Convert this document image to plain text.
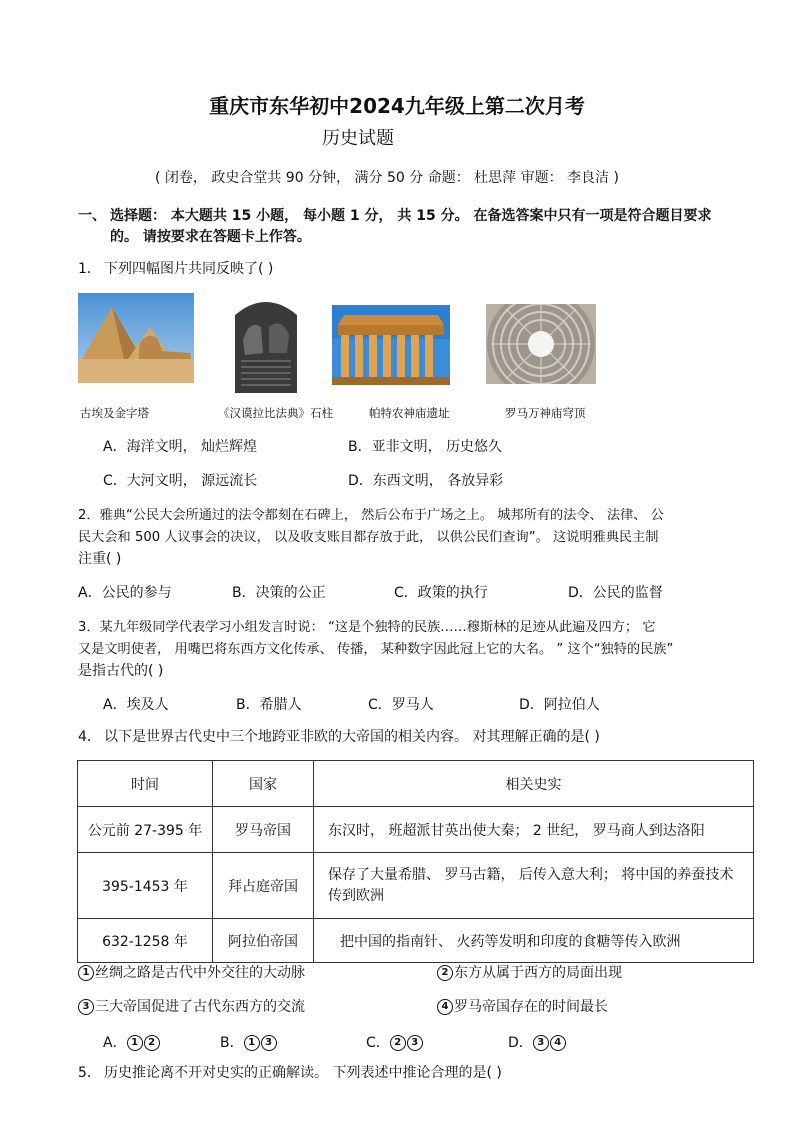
重庆市东华初中2024九年级上第二次月考
历史试题
( 闭卷， 政史合堂共 90 分钟， 满分 50 分 命题： 杜思萍 审题： 李良洁 )
一、 选择题： 本大题共 15 小题， 每小题 1 分， 共 15 分。 在备选答案中只有一项是符合题目要求
的。 请按要求在答题卡上作答。
1． 下列四幅图片共同反映了( )
古埃及金字塔	《汉谟拉比法典》石柱	帕特农神庙遗址	罗马万神庙穹顶
A．海洋文明， 灿烂辉煌	B．亚非文明， 历史悠久
C．大河文明， 源远流长	D．东西文明， 各放异彩
2．雅典“公民大会所通过的法令都刻在石碑上， 然后公布于广场之上。 城邦所有的法令、 法律、 公
民大会和 500 人议事会的决议， 以及收支账目都存放于此， 以供公民们查询”。 这说明雅典民主制
注重( )
A．公民的参与	B．决策的公正	C．政策的执行	D．公民的监督
3．某九年级同学代表学习小组发言时说： “这是个独特的民族……穆斯林的足迹从此遍及四方； 它
又是文明使者， 用嘴巴将东西方文化传承、 传播， 某种数字因此冠上它的大名。 ” 这个“独特的民族”
是指古代的( )
A．埃及人	B．希腊人	C．罗马人	D．阿拉伯人
4． 以下是世界古代史中三个地跨亚非欧的大帝国的相关内容。 对其理解正确的是( )
时间	国家	相关史实
公元前 27-395 年	罗马帝国	东汉时， 班超派甘英出使大秦； 2 世纪， 罗马商人到达洛阳
395-1453 年	拜占庭帝国	保存了大量希腊、 罗马古籍， 后传入意大利； 将中国的养蚕技术传到欧洲
632-1258 年	阿拉伯帝国	把中国的指南针、 火药等发明和印度的食糖等传入欧洲
1 丝绸之路是古代中外交往的大动脉	2 东方从属于西方的局面出现
3 三大帝国促进了古代东西方的交流	4 罗马帝国存在的时间最长
A． 1 2	B． 1 3	C． 2 3	D． 3 4
5． 历史推论离不开对史实的正确解读。 下列表述中推论合理的是( )
